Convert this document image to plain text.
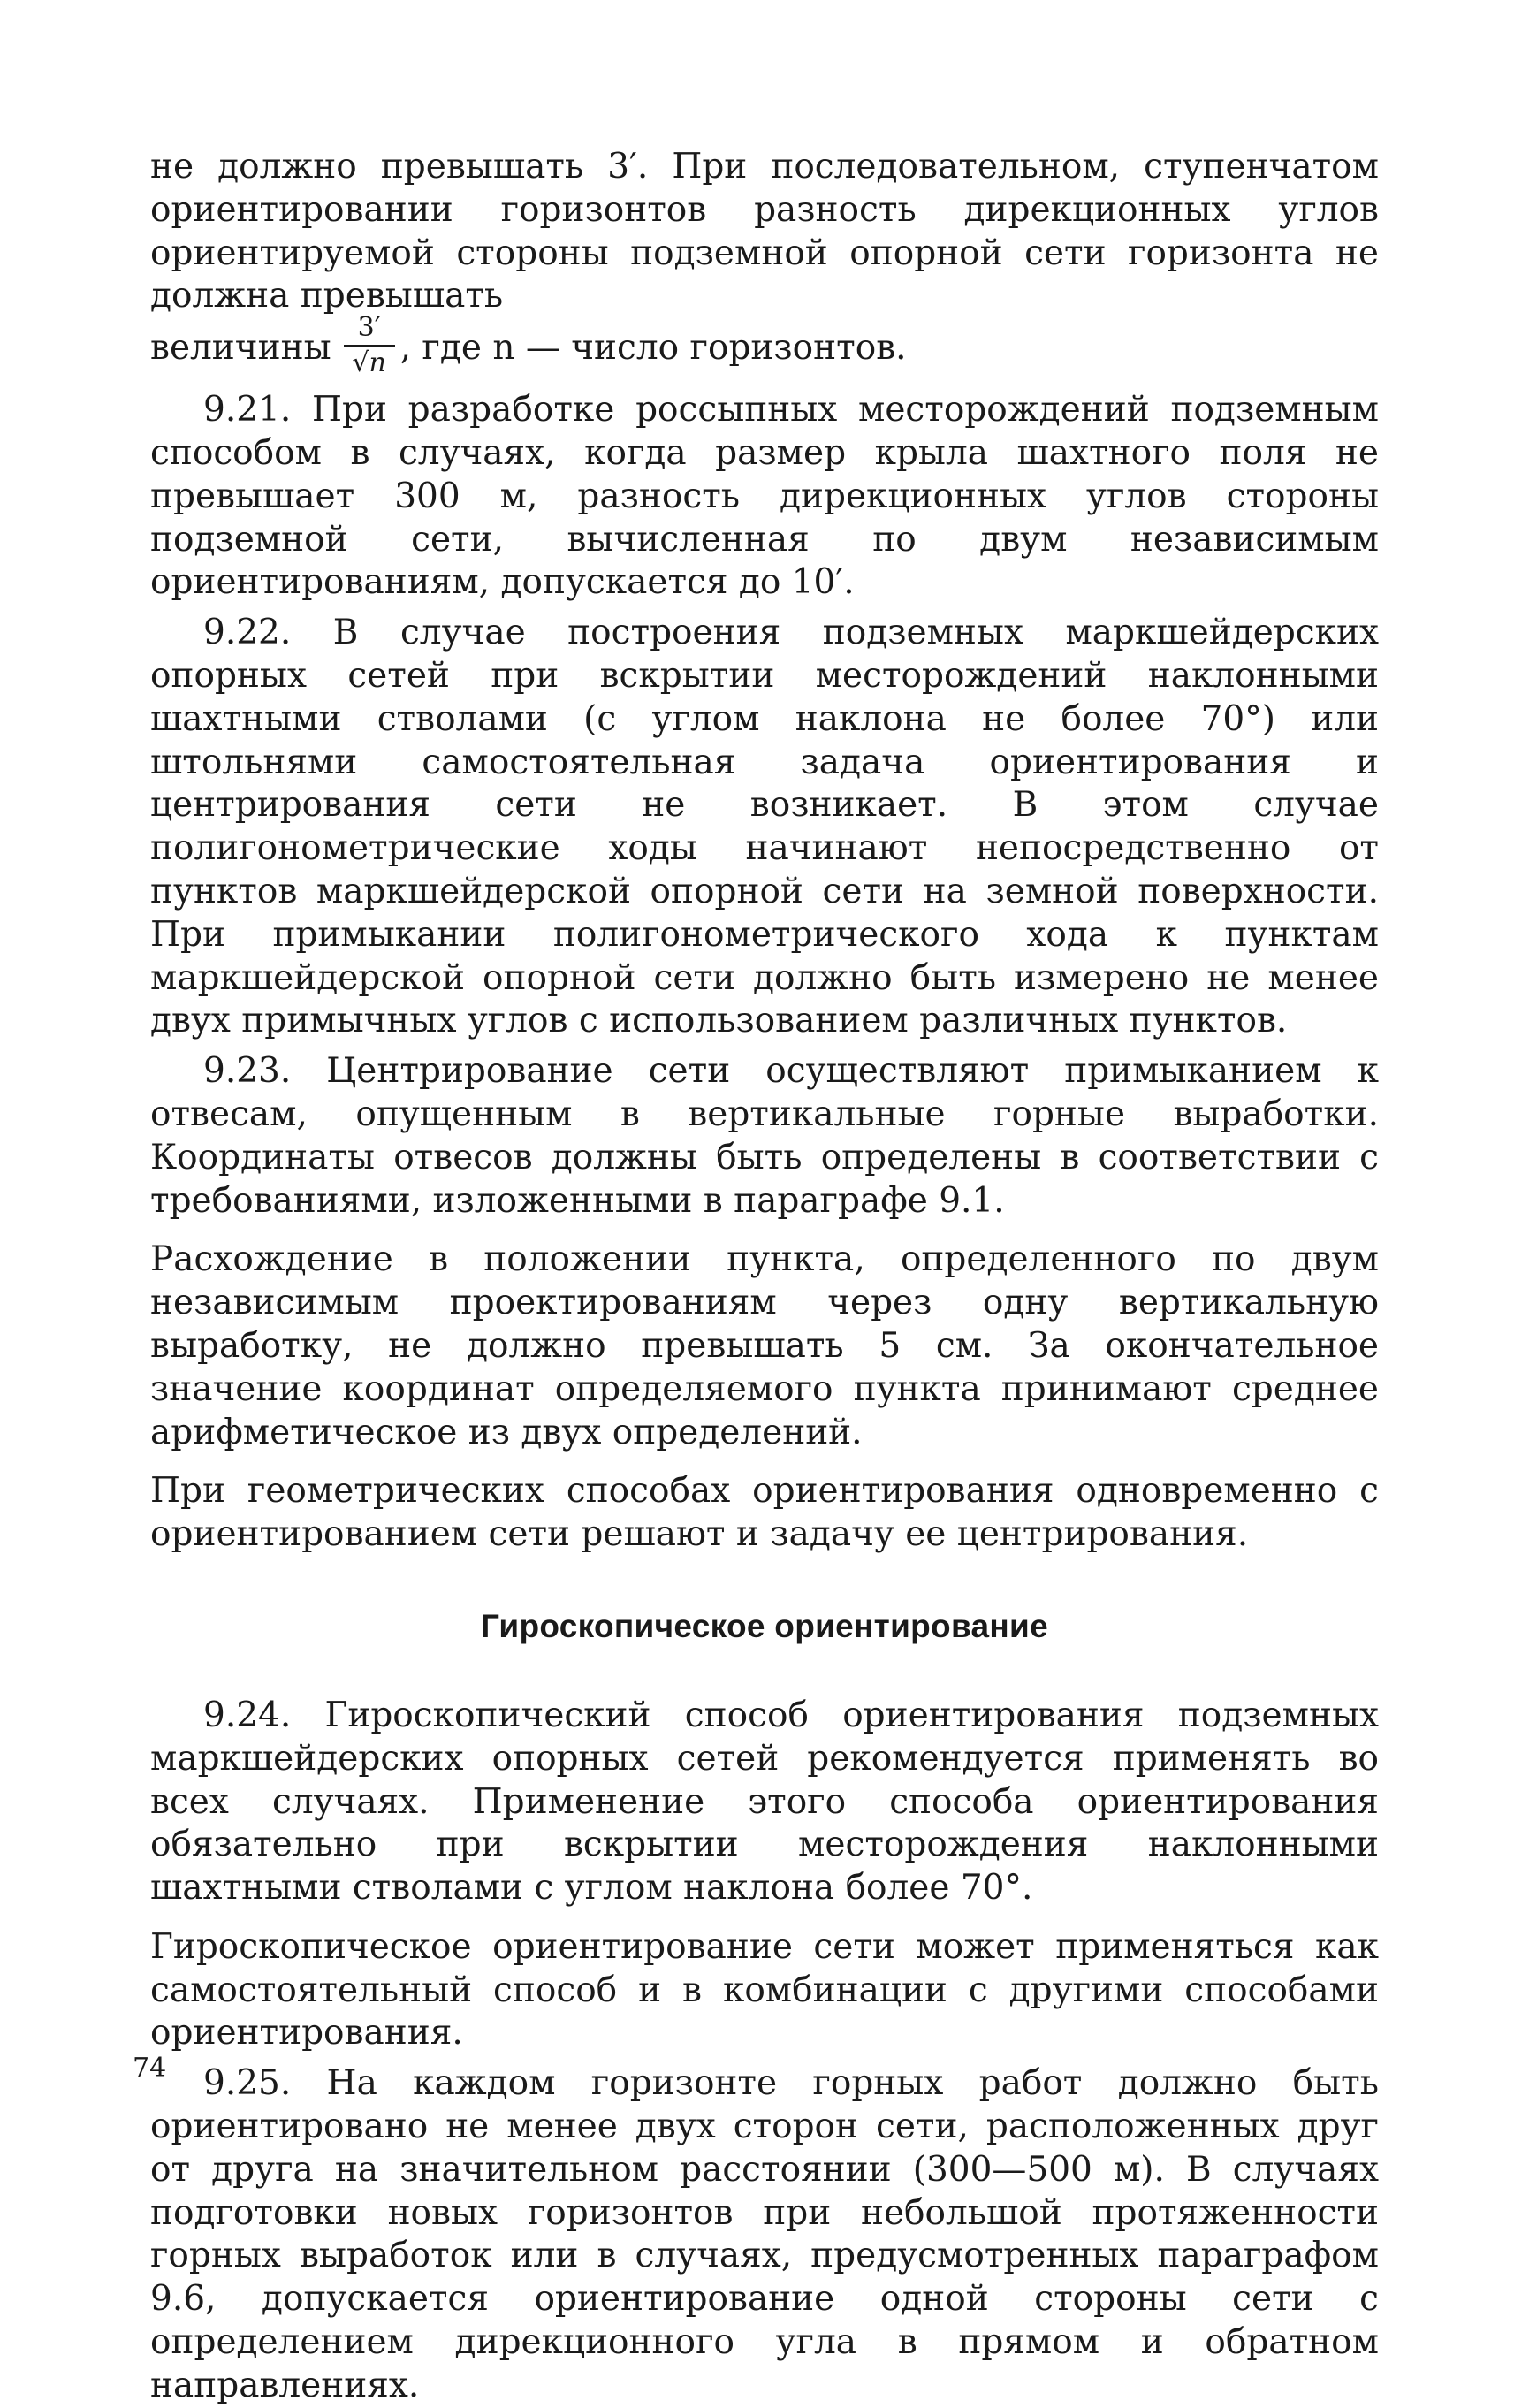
не должно превышать 3′. При последовательном, ступенчатом ориентировании горизонтов разность дирекционных углов ориентируемой стороны подземной опорной сети горизонта не должна превышать

величины $\frac{3'}{√n}$ , где n — число горизонтов.

9.21. При разработке россыпных месторождений подземным способом в случаях, когда размер крыла шахтного поля не превышает 300 м, разность дирекционных углов стороны подземной сети, вычисленная по двум независимым ориентированиям, допускается до 10′.

9.22. В случае построения подземных маркшейдерских опорных сетей при вскрытии месторождений наклонными шахтными стволами (с углом наклона не более 70°) или штольнями самостоятельная задача ориентирования и центрирования сети не возникает. В этом случае полигонометрические ходы начинают непосредственно от пунктов маркшейдерской опорной сети на земной поверхности. При примыкании полигонометрического хода к пунктам маркшейдерской опорной сети должно быть измерено не менее двух примычных углов с использованием различных пунктов.

9.23. Центрирование сети осуществляют примыканием к отвесам, опущенным в вертикальные горные выработки. Координаты отвесов должны быть определены в соответствии с требованиями, изложенными в параграфе 9.1.

Расхождение в положении пункта, определенного по двум независимым проектированиям через одну вертикальную выработку, не должно превышать 5 см. За окончательное значение координат определяемого пункта принимают среднее арифметическое из двух определений.

При геометрических способах ориентирования одновременно с ориентированием сети решают и задачу ее центрирования.

Гироскопическое ориентирование

9.24. Гироскопический способ ориентирования подземных маркшейдерских опорных сетей рекомендуется применять во всех случаях. Применение этого способа ориентирования обязательно при вскрытии месторождения наклонными шахтными стволами с углом наклона более 70°.

Гироскопическое ориентирование сети может применяться как самостоятельный способ и в комбинации с другими способами ориентирования.

9.25. На каждом горизонте горных работ должно быть ориентировано не менее двух сторон сети, расположенных друг от друга на значительном расстоянии (300—500 м). В случаях подготовки новых горизонтов при небольшой протяженности горных выработок или в случаях, предусмотренных параграфом 9.6, допускается ориентирование одной стороны сети с определением дирекционного угла в прямом и обратном направлениях.

74
